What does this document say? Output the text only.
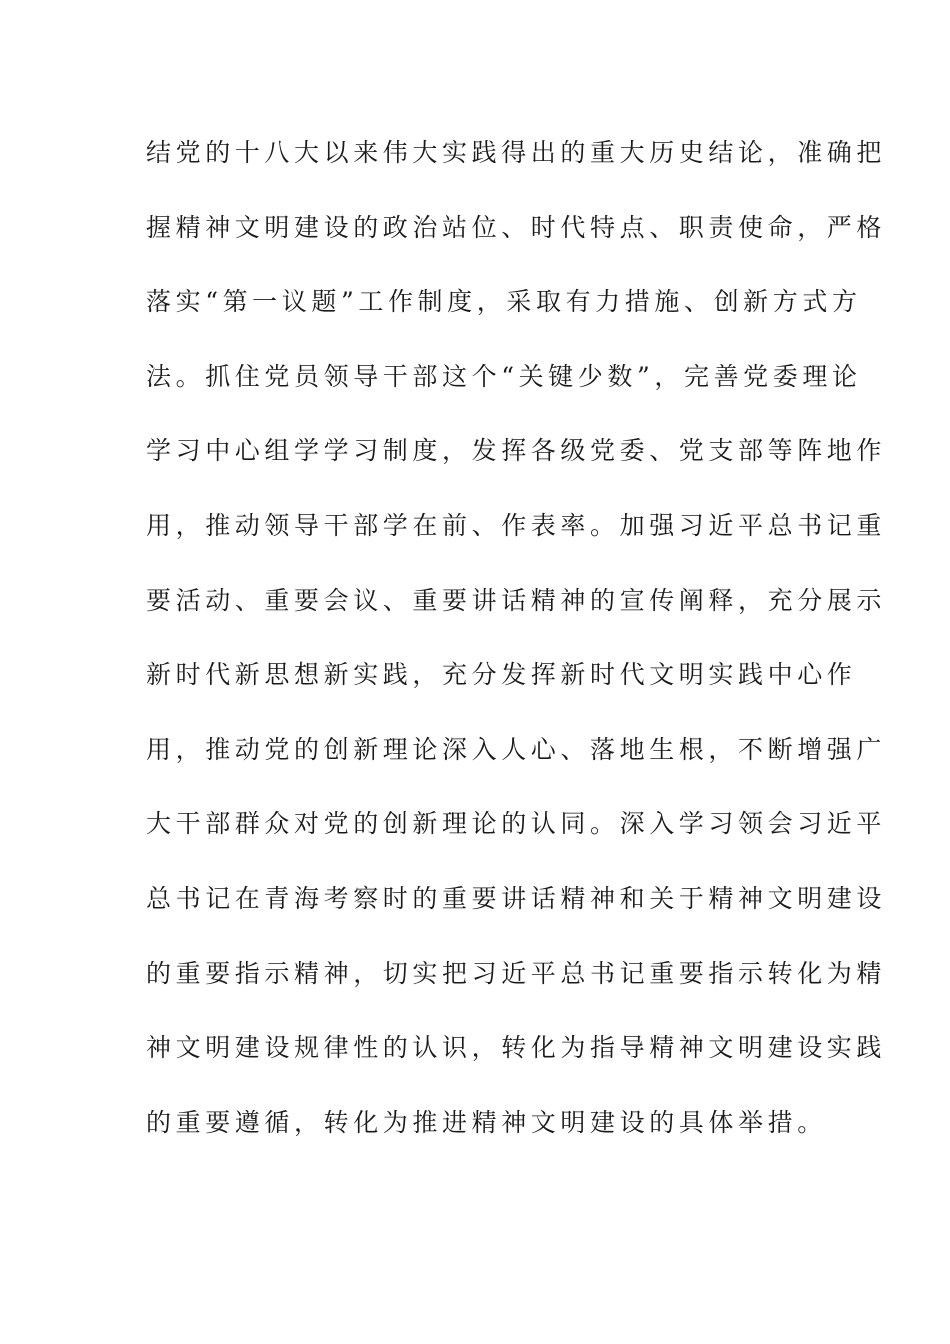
结党的十八大以来伟大实践得出的重大历史结论，准确把
握精神文明建设的政治站位、时代特点、职责使命，严格
落实“第一议题”工作制度，采取有力措施、创新方式方
法。抓住党员领导干部这个“关键少数”，完善党委理论
学习中心组学学习制度，发挥各级党委、党支部等阵地作
用，推动领导干部学在前、作表率。加强习近平总书记重
要活动、重要会议、重要讲话精神的宣传阐释，充分展示
新时代新思想新实践，充分发挥新时代文明实践中心作
用，推动党的创新理论深入人心、落地生根，不断增强广
大干部群众对党的创新理论的认同。深入学习领会习近平
总书记在青海考察时的重要讲话精神和关于精神文明建设
的重要指示精神，切实把习近平总书记重要指示转化为精
神文明建设规律性的认识，转化为指导精神文明建设实践
的重要遵循，转化为推进精神文明建设的具体举措。
